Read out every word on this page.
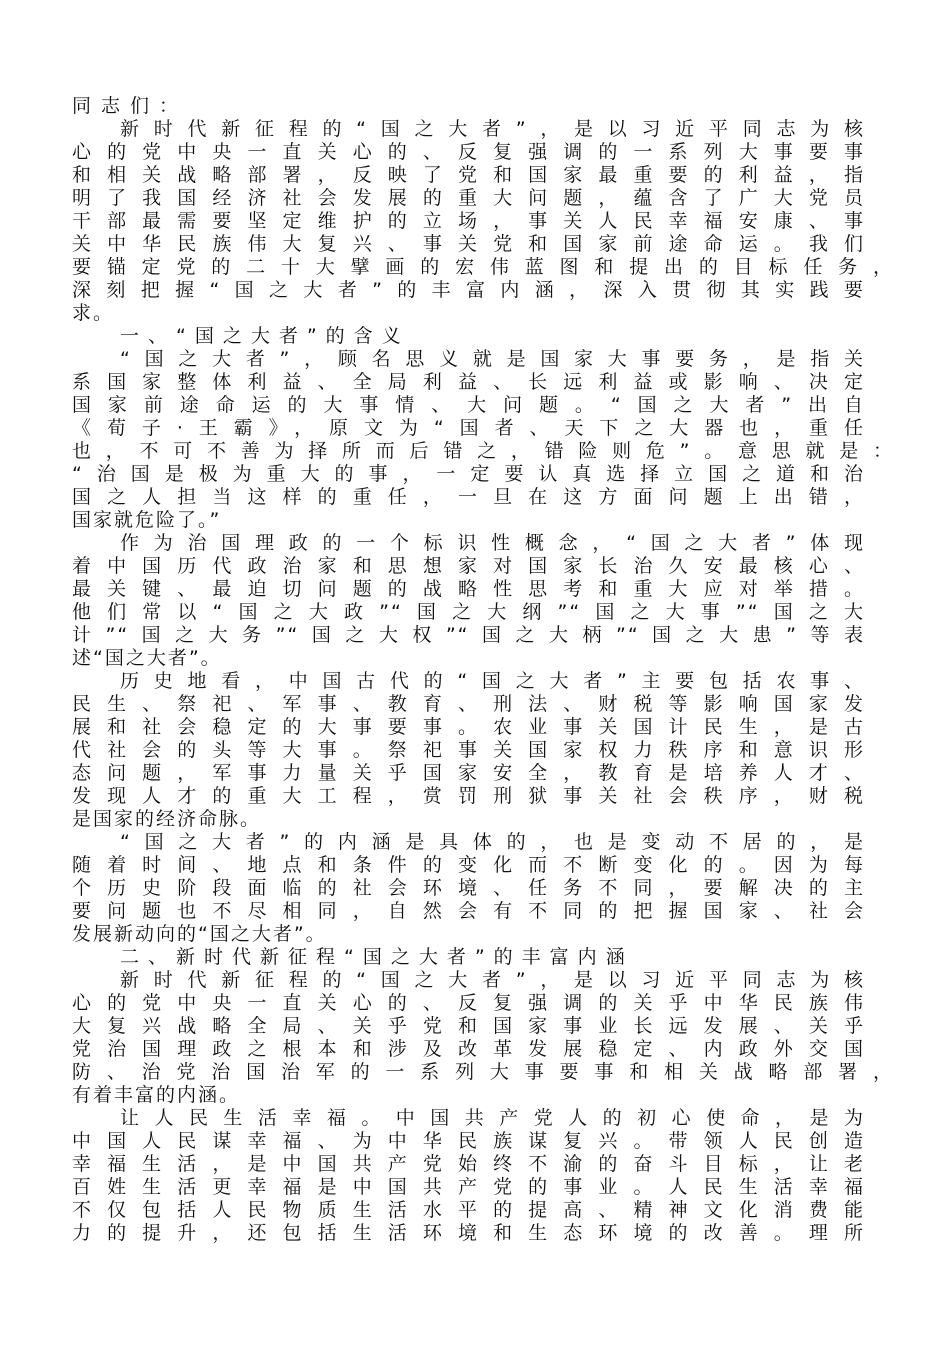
同志们：
新时代新征程的“国之大者”，是以习近平同志为核
心的党中央一直关心的、反复强调的一系列大事要事
和相关战略部署，反映了党和国家最重要的利益，指
明了我国经济社会发展的重大问题，蕴含了广大党员
干部最需要坚定维护的立场，事关人民幸福安康、事
关中华民族伟大复兴、事关党和国家前途命运。我们
要锚定党的二十大擘画的宏伟蓝图和提出的目标任务，
深刻把握“国之大者”的丰富内涵，深入贯彻其实践要
求。
一、“国之大者”的含义
“国之大者”，顾名思义就是国家大事要务，是指关
系国家整体利益、全局利益、长远利益或影响、决定
国家前途命运的大事情、大问题。“国之大者”出自
《荀子·王霸》，原文为“国者、天下之大器也，重任
也，不可不善为择所而后错之，错险则危”。意思就是：
“治国是极为重大的事，一定要认真选择立国之道和治
国之人担当这样的重任，一旦在这方面问题上出错，
国家就危险了。”
作为治国理政的一个标识性概念，“国之大者”体现
着中国历代政治家和思想家对国家长治久安最核心、
最关键、最迫切问题的战略性思考和重大应对举措。
他们常以“国之大政”“国之大纲”“国之大事”“国之大
计”“国之大务”“国之大权”“国之大柄”“国之大患”等表
述“国之大者”。
历史地看，中国古代的“国之大者”主要包括农事、
民生、祭祀、军事、教育、刑法、财税等影响国家发
展和社会稳定的大事要事。农业事关国计民生，是古
代社会的头等大事。祭祀事关国家权力秩序和意识形
态问题，军事力量关乎国家安全，教育是培养人才、
发现人才的重大工程，赏罚刑狱事关社会秩序，财税
是国家的经济命脉。
“国之大者”的内涵是具体的，也是变动不居的，是
随着时间、地点和条件的变化而不断变化的。因为每
个历史阶段面临的社会环境、任务不同，要解决的主
要问题也不尽相同，自然会有不同的把握国家、社会
发展新动向的“国之大者”。
二、新时代新征程“国之大者”的丰富内涵
新时代新征程的“国之大者”，是以习近平同志为核
心的党中央一直关心的、反复强调的关乎中华民族伟
大复兴战略全局、关乎党和国家事业长远发展、关乎
党治国理政之根本和涉及改革发展稳定、内政外交国
防、治党治国治军的一系列大事要事和相关战略部署，
有着丰富的内涵。
让人民生活幸福。中国共产党人的初心使命，是为
中国人民谋幸福、为中华民族谋复兴。带领人民创造
幸福生活，是中国共产党始终不渝的奋斗目标，让老
百姓生活更幸福是中国共产党的事业。人民生活幸福
不仅包括人民物质生活水平的提高、精神文化消费能
力的提升，还包括生活环境和生态环境的改善。理所
